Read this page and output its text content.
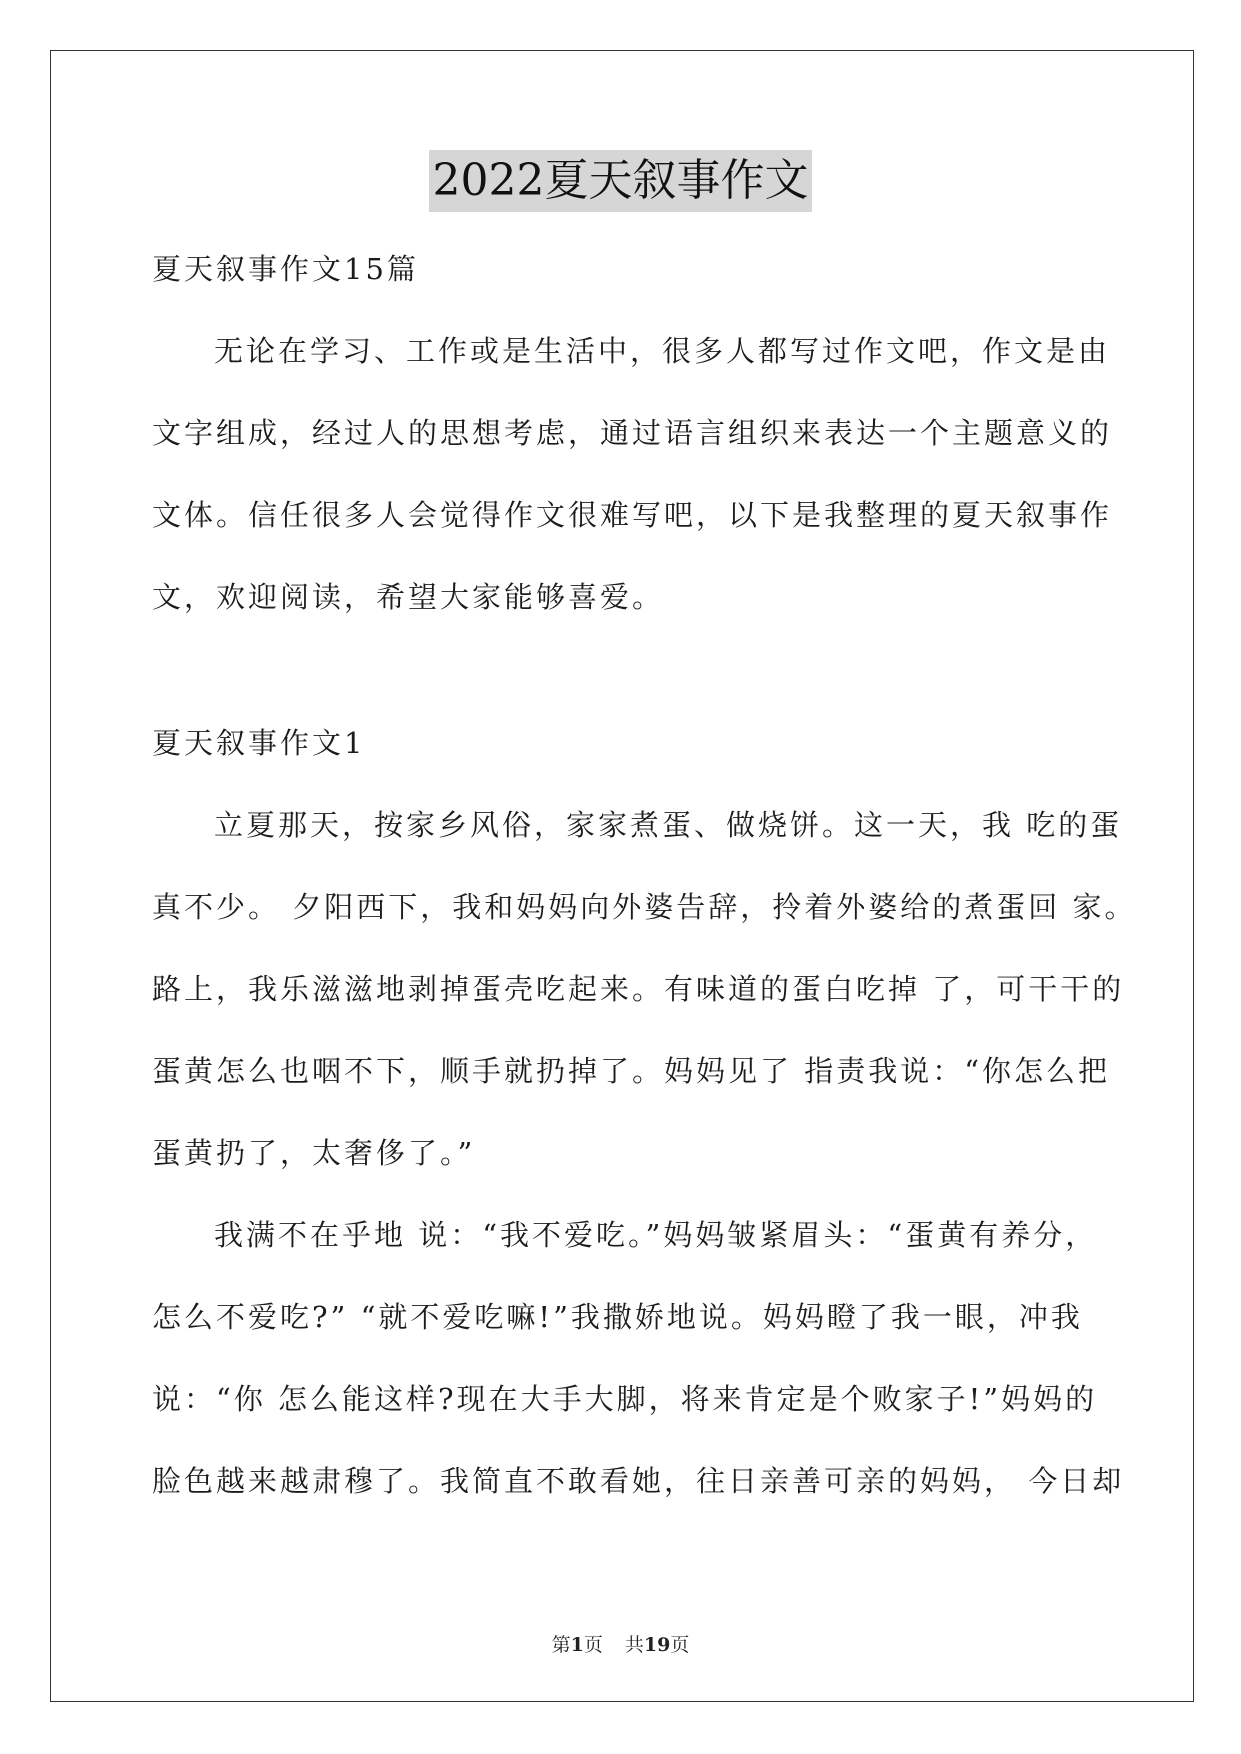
2022夏天叙事作文
夏天叙事作文15篇
无论在学习、工作或是生活中，很多人都写过作文吧，作文是由
文字组成，经过人的思想考虑，通过语言组织来表达一个主题意义的
文体。信任很多人会觉得作文很难写吧，以下是我整理的夏天叙事作
文，欢迎阅读，希望大家能够喜爱。
夏天叙事作文1
立夏那天，按家乡风俗，家家煮蛋、做烧饼。这一天，我 吃的蛋
真不少。 夕阳西下，我和妈妈向外婆告辞，拎着外婆给的煮蛋回 家。
路上，我乐滋滋地剥掉蛋壳吃起来。有味道的蛋白吃掉 了，可干干的
蛋黄怎么也咽不下，顺手就扔掉了。妈妈见了 指责我说：“你怎么把
蛋黄扔了，太奢侈了。”
我满不在乎地 说：“我不爱吃。”妈妈皱紧眉头：“蛋黄有养分，
怎么不爱吃?” “就不爱吃嘛!”我撒娇地说。妈妈瞪了我一眼，冲我
说：“你 怎么能这样?现在大手大脚，将来肯定是个败家子!”妈妈的
脸色越来越肃穆了。我简直不敢看她，往日亲善可亲的妈妈， 今日却
第1页 共19页
